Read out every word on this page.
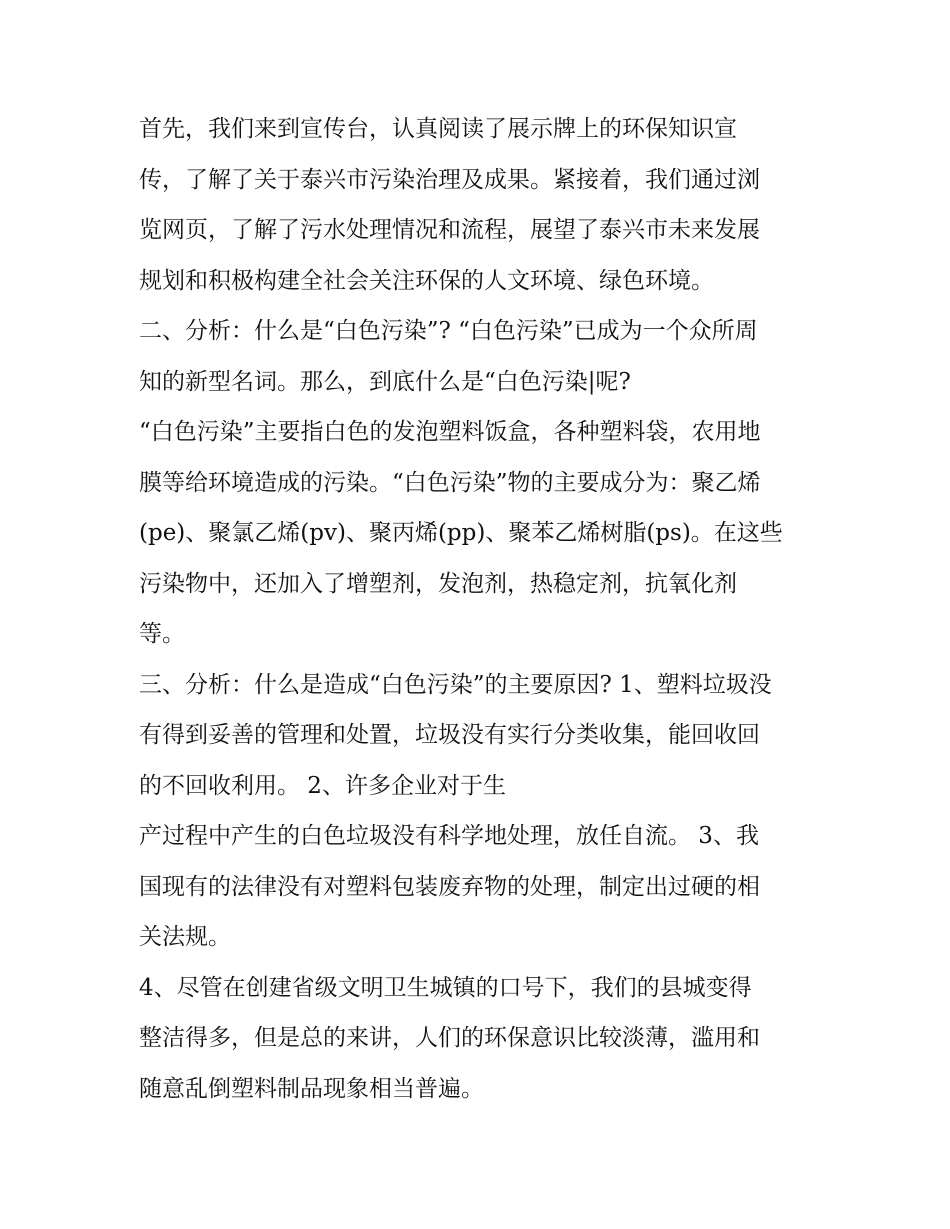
首先，我们来到宣传台，认真阅读了展示牌上的环保知识宣
传，了解了关于泰兴市污染治理及成果。紧接着，我们通过浏
览网页，了解了污水处理情况和流程，展望了泰兴市未来发展
规划和积极构建全社会关注环保的人文环境、绿色环境。
二、分析：什么是“白色污染”? “白色污染”已成为一个众所周
知的新型名词。那么，到底什么是“白色污染|呢?
“白色污染”主要指白色的发泡塑料饭盒，各种塑料袋，农用地
膜等给环境造成的污染。“白色污染”物的主要成分为：聚乙烯
(pe)、聚氯乙烯(pv)、聚丙烯(pp)、聚苯乙烯树脂(ps)。在这些
污染物中，还加入了增塑剂，发泡剂，热稳定剂，抗氧化剂
等。
三、分析：什么是造成“白色污染”的主要原因? 1、塑料垃圾没
有得到妥善的管理和处置，垃圾没有实行分类收集，能回收回
的不回收利用。 2、许多企业对于生
产过程中产生的白色垃圾没有科学地处理，放任自流。 3、我
国现有的法律没有对塑料包装废弃物的处理，制定出过硬的相
关法规。
4、尽管在创建省级文明卫生城镇的口号下，我们的县城变得
整洁得多，但是总的来讲，人们的环保意识比较淡薄，滥用和
随意乱倒塑料制品现象相当普遍。
